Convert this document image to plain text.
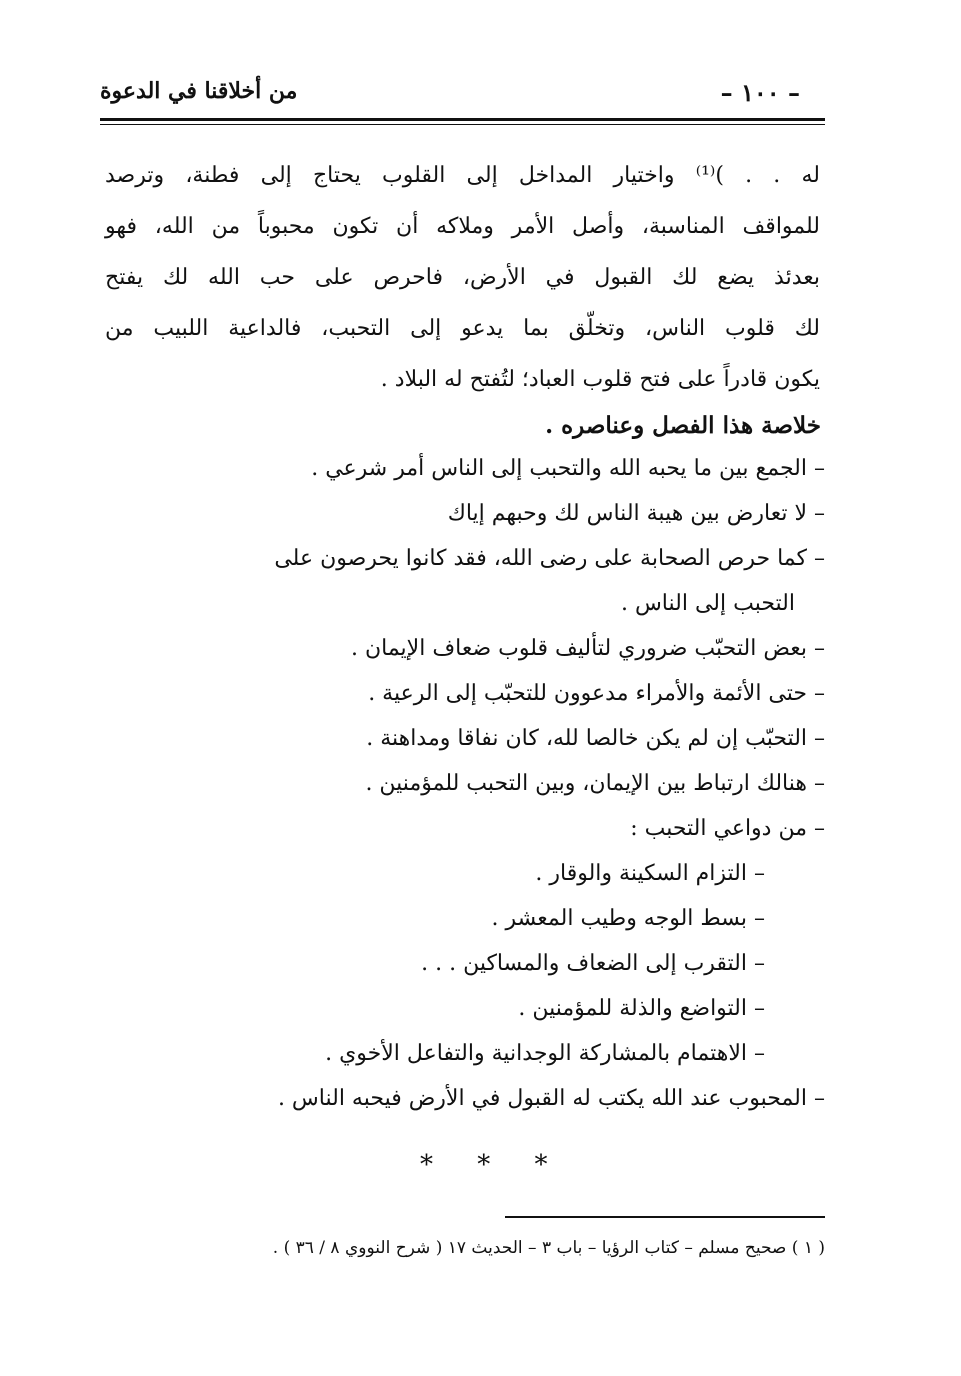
– ١٠٠ –
من أخلاقنا في الدعوة
له . . )⁽¹⁾ واختيار المداخل إلى القلوب يحتاج إلى فطنة، وترصد
للمواقف المناسبة، وأصل الأمر وملاكه أن تكون محبوباً من الله، فهو
بعدئذ يضع لك القبول في الأرض، فاحرص على حب الله لك يفتح
لك قلوب الناس، وتخلّق بما يدعو إلى التحبب، فالداعية اللبيب من
يكون قادراً على فتح قلوب العباد؛ لتُفتح له البلاد .
خلاصة هذا الفصل وعناصره .
– الجمع بين ما يحبه الله والتحبب إلى الناس أمر شرعي .
– لا تعارض بين هيبة الناس لك وحبهم إياك
– كما حرص الصحابة على رضى الله، فقد كانوا يحرصون على
التحبب إلى الناس .
– بعض التحبّب ضروري لتأليف قلوب ضعاف الإيمان .
– حتى الأئمة والأمراء مدعوون للتحبّب إلى الرعية .
– التحبّب إن لم يكن خالصا لله، كان نفاقا ومداهنة .
– هنالك ارتباط بين الإيمان، وبين التحبب للمؤمنين .
– من دواعي التحبب :
– التزام السكينة والوقار .
– بسط الوجه وطيب المعشر .
– التقرب إلى الضعاف والمساكين . . .
– التواضع والذلة للمؤمنين .
– الاهتمام بالمشاركة الوجدانية والتفاعل الأخوي .
– المحبوب عند الله يكتب له القبول في الأرض فيحبه الناس .
* * *
( ١ ) صحيح مسلم – كتاب الرؤيا – باب ٣ – الحديث ١٧ ( شرح النووي ٨ / ٣٦ ) .
